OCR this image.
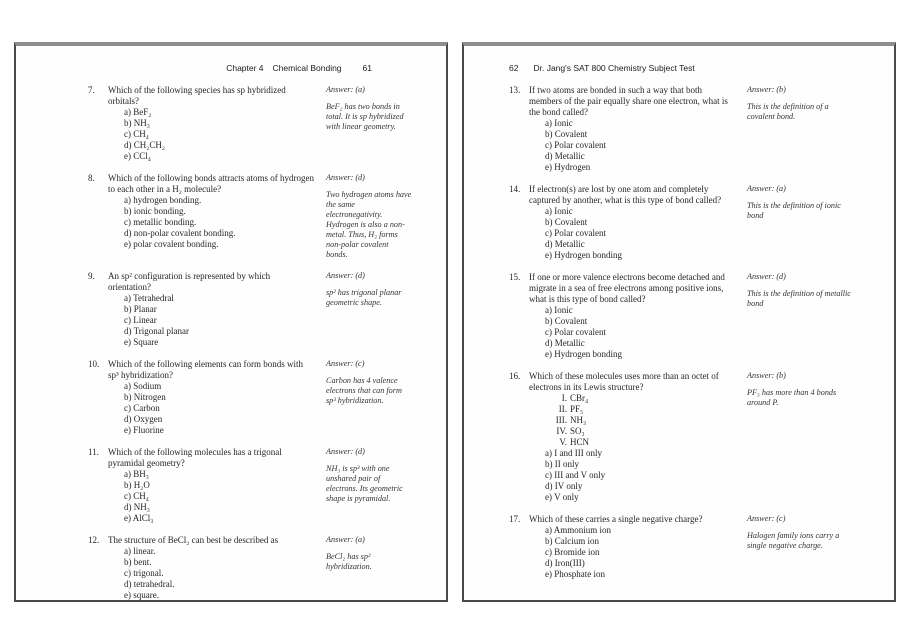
Chapter 4 Chemical Bonding 61
7.	Which of the following species has sp hybridized orbitals?
a) BeF₂
b) NH₃
c) CH₄
d) CH₂CH₂
e) CCl₄
Answer: (a)
BeF₂ has two bonds in total. It is sp hybridized with linear geometry.
8.	Which of the following bonds attracts atoms of hydrogen to each other in a H₂ molecule?
a) hydrogen bonding.
b) ionic bonding.
c) metallic bonding.
d) non-polar covalent bonding.
e) polar covalent bonding.
Answer: (d)
Two hydrogen atoms have the same electronegativity. Hydrogen is also a non-metal. Thus, H₂ forms non-polar covalent bonds.
9.	An sp² configuration is represented by which orientation?
a) Tetrahedral
b) Planar
c) Linear
d) Trigonal planar
e) Square
Answer: (d)
sp² has trigonal planar geometric shape.
10. Which of the following elements can form bonds with sp³ hybridization?
a) Sodium
b) Nitrogen
c) Carbon
d) Oxygen
e) Fluorine
Answer: (c)
Carbon has 4 valence electrons that can form sp³ hybridization.
11.	Which of the following molecules has a trigonal pyramidal geometry?
a) BH₃
b) H₂O
c) CH₄
d) NH₃
e) AlCl₃
Answer: (d)
NH₃ is sp³ with one unshared pair of electrons. Its geometric shape is pyramidal.
12. The structure of BeCl₂ can best be described as
a) linear.
b) bent.
c) trigonal.
d) tetrahedral.
e) square.
Answer: (a)
BeCl₂ has sp² hybridization.
62 Dr. Jang's SAT 800 Chemistry Subject Test
13. If two atoms are bonded in such a way that both members of the pair equally share one electron, what is the bond called?
a) Ionic
b) Covalent
c) Polar covalent
d) Metallic
e) Hydrogen
Answer: (b)
This is the definition of a covalent bond.
14. If electron(s) are lost by one atom and completely captured by another, what is this type of bond called?
a) Ionic
b) Covalent
c) Polar covalent
d) Metallic
e) Hydrogen bonding
Answer: (a)
This is the definition of ionic bond
15. If one or more valence electrons become detached and migrate in a sea of free electrons among positive ions, what is this type of bond called?
a) Ionic
b) Covalent
c) Polar covalent
d) Metallic
e) Hydrogen bonding
Answer: (d)
This is the definition of metallic bond
16. Which of these molecules uses more than an octet of electrons in its Lewis structure?
I. CBr₄
II. PF₅
III. NH₃
IV. SO₃
V. HCN
a) I and III only
b) II only
c) III and V only
d) IV only
e) V only
Answer: (b)
PF₅ has more than 4 bonds around P.
17. Which of these carries a single negative charge?
a) Ammonium ion
b) Calcium ion
c) Bromide ion
d) Iron(III)
e) Phosphate ion
Answer: (c)
Halogen family ions carry a single negative charge.
